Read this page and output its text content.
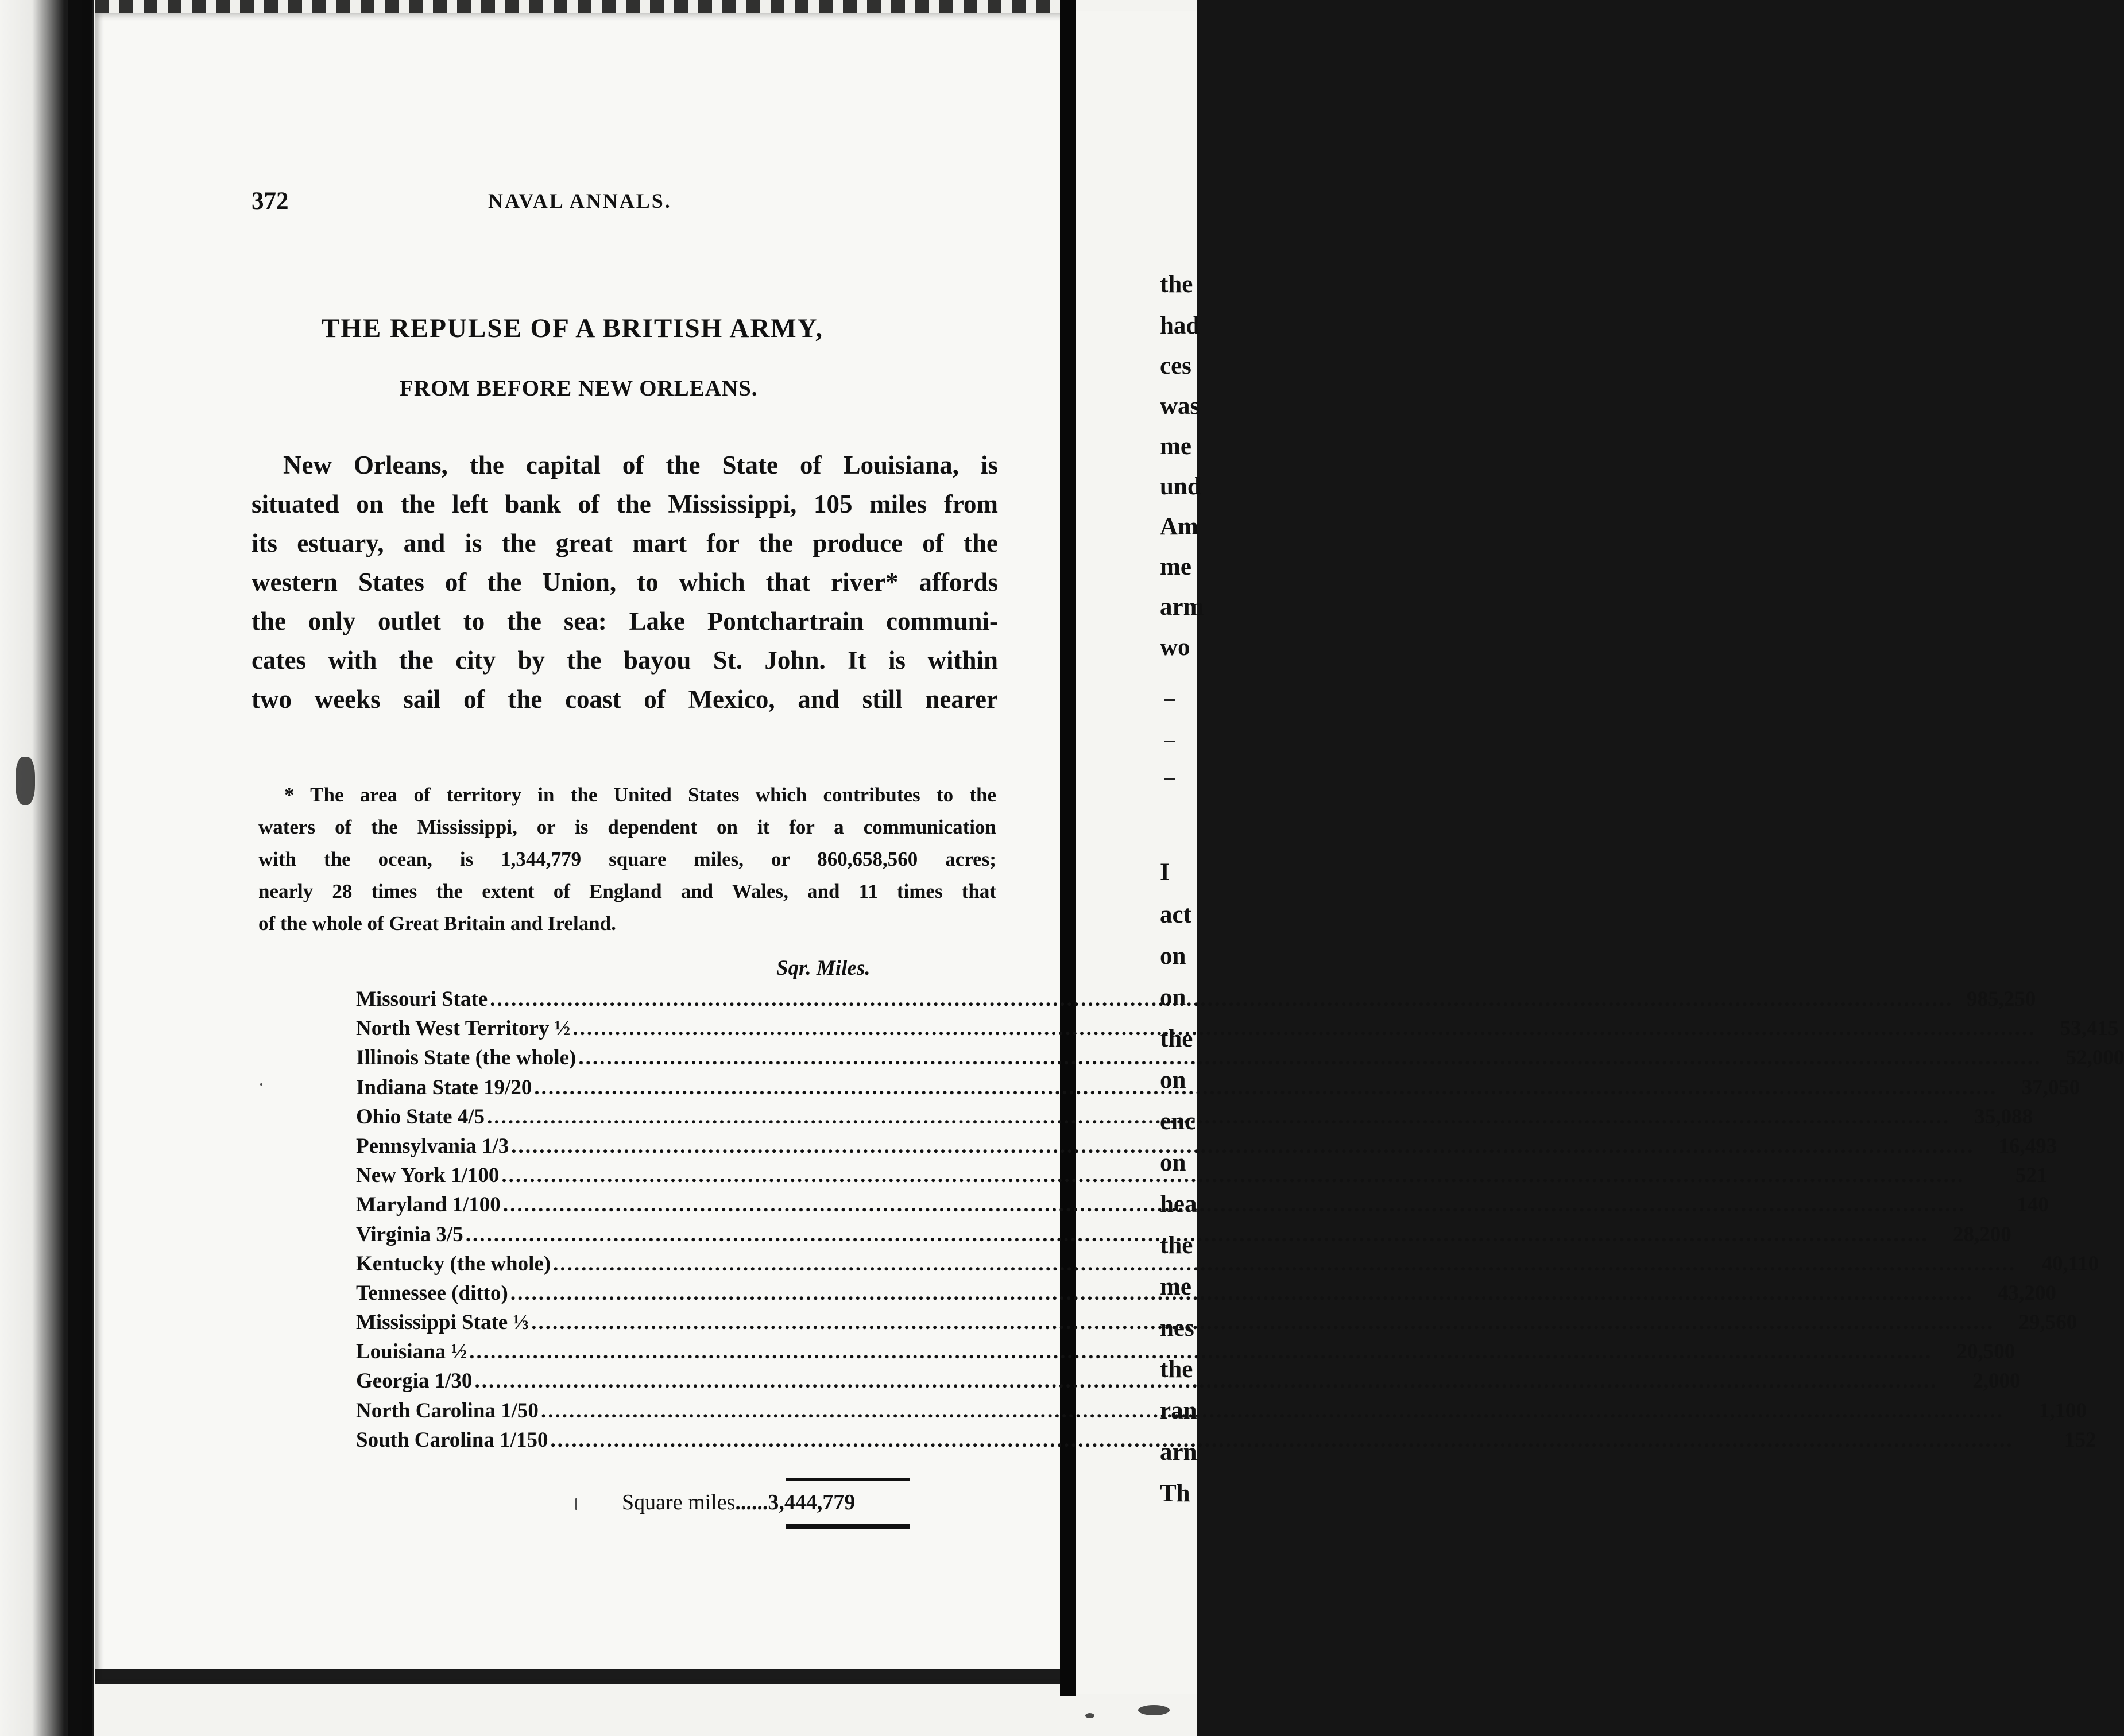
372	NAVAL ANNALS.
THE REPULSE OF A BRITISH ARMY,
FROM BEFORE NEW ORLEANS.
New Orleans, the capital of the State of Louisiana, is
situated on the left bank of the Mississippi, 105 miles from
its estuary, and is the great mart for the produce of the
western States of the Union, to which that river* affords
the only outlet to the sea: Lake Pontchartrain communi-
cates with the city by the bayou St. John. It is within
two weeks sail of the coast of Mexico, and still nearer
* The area of territory in the United States which contributes to the
waters of the Mississippi, or is dependent on it for a communication
with the ocean, is 1,344,779 square miles, or 860,658,560 acres;
nearly 28 times the extent of England and Wales, and 11 times that
of the whole of Great Britain and Ireland.
Sqr. Miles.
Missouri State .....	985,250
North West Territory ½ .....	53,415
Illinois State (the whole) .....	52,000
Indiana State 19/20 .....	37,050
Ohio State 4/5 .....	35,088
Pennsylvania 1/3 .....	16,493
New York 1/100 .....	521
Maryland 1/100 .....	140
Virginia 3/5 .....	28,200
Kentucky (the whole) .....	40,110
Tennessee (ditto) .....	43,200
Mississippi State ⅓ .....	29,560
Louisiana ½ .....	20,500
Georgia 1/30 .....	2,000
North Carolina 1/50 .....	1,100
South Carolina 1/150 .....	152
Square miles......3,444,779
the
had
ces
was
me
und
Am
me
arm
wo
I
act
on
on
the
on
enc
on
hea
the
me
nes
the
ran
arn
Th
